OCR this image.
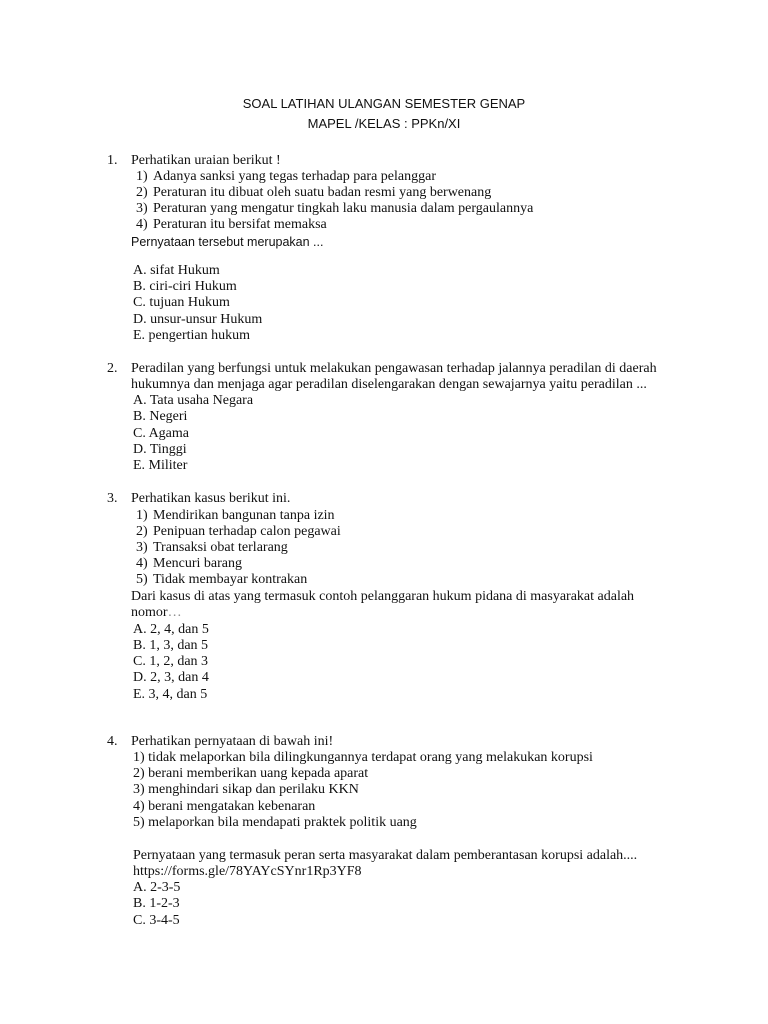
SOAL LATIHAN ULANGAN SEMESTER GENAP
MAPEL /KELAS : PPKn/XI
1. Perhatikan uraian berikut !
1) Adanya sanksi yang tegas terhadap para pelanggar
2) Peraturan itu dibuat oleh suatu badan resmi yang berwenang
3) Peraturan yang mengatur tingkah laku manusia dalam pergaulannya
4) Peraturan itu bersifat memaksa
Pernyataan tersebut merupakan ...
A. sifat Hukum
B. ciri-ciri Hukum
C. tujuan Hukum
D. unsur-unsur Hukum
E. pengertian hukum
2. Peradilan yang berfungsi untuk melakukan pengawasan terhadap jalannya peradilan di daerah
hukumnya dan menjaga agar peradilan diselengarakan dengan sewajarnya yaitu peradilan ...
A. Tata usaha Negara
B. Negeri
C. Agama
D. Tinggi
E. Militer
3. Perhatikan kasus berikut ini.
1) Mendirikan bangunan tanpa izin
2) Penipuan terhadap calon pegawai
3) Transaksi obat terlarang
4) Mencuri barang
5) Tidak membayar kontrakan
Dari kasus di atas yang termasuk contoh pelanggaran hukum pidana di masyarakat adalah
nomor…
A. 2, 4, dan 5
B. 1, 3, dan 5
C. 1, 2, dan 3
D. 2, 3, dan 4
E. 3, 4, dan 5
4. Perhatikan pernyataan di bawah ini!
1) tidak melaporkan bila dilingkungannya terdapat orang yang melakukan korupsi
2) berani memberikan uang kepada aparat
3) menghindari sikap dan perilaku KKN
4) berani mengatakan kebenaran
5) melaporkan bila mendapati praktek politik uang
Pernyataan yang termasuk peran serta masyarakat dalam pemberantasan korupsi adalah....
https://forms.gle/78YAYcSYnr1Rp3YF8
A. 2-3-5
B. 1-2-3
C. 3-4-5
